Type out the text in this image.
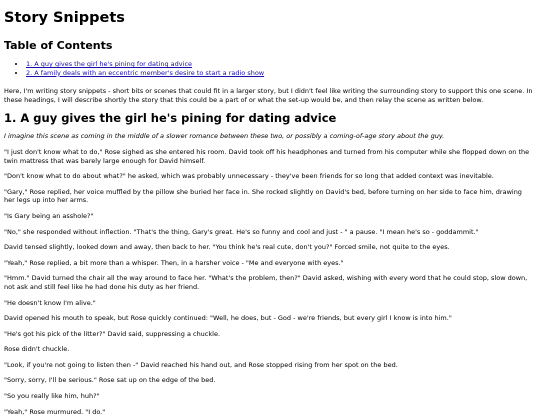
Story Snippets
Table of Contents
• 1. A guy gives the girl he's pining for dating advice
• 2. A family deals with an eccentric member's desire to start a radio show

Here, I'm writing story snippets - short bits or scenes that could fit in a larger story, but I didn't feel like writing the surrounding story to support this one scene. In these headings, I will describe shortly the story that this could be a part of or what the set-up would be, and then relay the scene as written below.

1. A guy gives the girl he's pining for dating advice

I imagine this scene as coming in the middle of a slower romance between these two, or possibly a coming-of-age story about the guy.

"I just don't know what to do," Rose sighed as she entered his room. David took off his headphones and turned from his computer while she flopped down on the twin mattress that was barely large enough for David himself.

"Don't know what to do about what?" he asked, which was probably unnecessary - they've been friends for so long that added context was inevitable.

"Gary," Rose replied, her voice muffled by the pillow she buried her face in. She rocked slightly on David's bed, before turning on her side to face him, drawing her legs up into her arms.

"Is Gary being an asshole?"

"No," she responded without inflection. "That's the thing, Gary's great. He's so funny and cool and just - " a pause. "I mean he's so - goddammit."

David tensed slightly, looked down and away, then back to her. "You think he's real cute, don't you?" Forced smile, not quite to the eyes.

"Yeah," Rose replied, a bit more than a whisper. Then, in a harsher voice - "Me and everyone with eyes."

"Hmm." David turned the chair all the way around to face her. "What's the problem, then?" David asked, wishing with every word that he could stop, slow down, not ask and still feel like he had done his duty as her friend.

"He doesn't know I'm alive."

David opened his mouth to speak, but Rose quickly continued: "Well, he does, but - God - we're friends, but every girl I know is into him."

"He's got his pick of the litter?" David said, suppressing a chuckle.

Rose didn't chuckle.

"Look, if you're not going to listen then -" David reached his hand out, and Rose stopped rising from her spot on the bed.

"Sorry, sorry, I'll be serious." Rose sat up on the edge of the bed.

"So you really like him, huh?"

"Yeah," Rose murmured. "I do."
